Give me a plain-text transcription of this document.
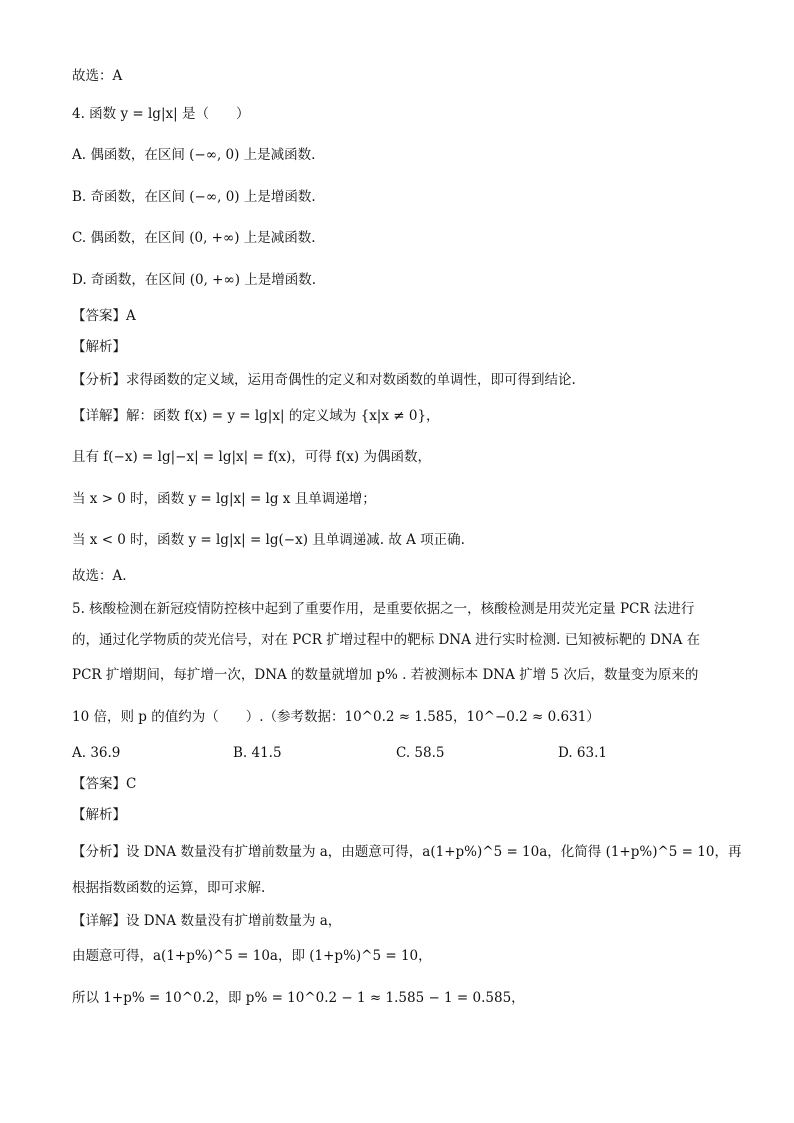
故选：A
4. 函数 y = lg|x| 是（　　）
A. 偶函数，在区间 (−∞, 0) 上是减函数.
B. 奇函数，在区间 (−∞, 0) 上是增函数.
C. 偶函数，在区间 (0, +∞) 上是减函数.
D. 奇函数，在区间 (0, +∞) 上是增函数.
【答案】A
【解析】
【分析】求得函数的定义域，运用奇偶性的定义和对数函数的单调性，即可得到结论.
【详解】解：函数 f(x) = y = lg|x| 的定义域为 {x|x ≠ 0}，
且有 f(−x) = lg|−x| = lg|x| = f(x)，可得 f(x) 为偶函数，
当 x > 0 时，函数 y = lg|x| = lg x 且单调递增；
当 x < 0 时，函数 y = lg|x| = lg(−x) 且单调递减. 故 A 项正确.
故选：A.
5. 核酸检测在新冠疫情防控核中起到了重要作用，是重要依据之一，核酸检测是用荧光定量 PCR 法进行
的，通过化学物质的荧光信号，对在 PCR 扩增过程中的靶标 DNA 进行实时检测. 已知被标靶的 DNA 在
PCR 扩增期间，每扩增一次，DNA 的数量就增加 p% . 若被测标本 DNA 扩增 5 次后，数量变为原来的
10 倍，则 p 的值约为（　　）.（参考数据：10^0.2 ≈ 1.585，10^−0.2 ≈ 0.631）
A. 36.9	B. 41.5	C. 58.5	D. 63.1
【答案】C
【解析】
【分析】设 DNA 数量没有扩增前数量为 a，由题意可得，a(1+p%)^5 = 10a，化简得 (1+p%)^5 = 10，再
根据指数函数的运算，即可求解.
【详解】设 DNA 数量没有扩增前数量为 a，
由题意可得，a(1+p%)^5 = 10a，即 (1+p%)^5 = 10，
所以 1+p% = 10^0.2，即 p% = 10^0.2 − 1 ≈ 1.585 − 1 = 0.585，
